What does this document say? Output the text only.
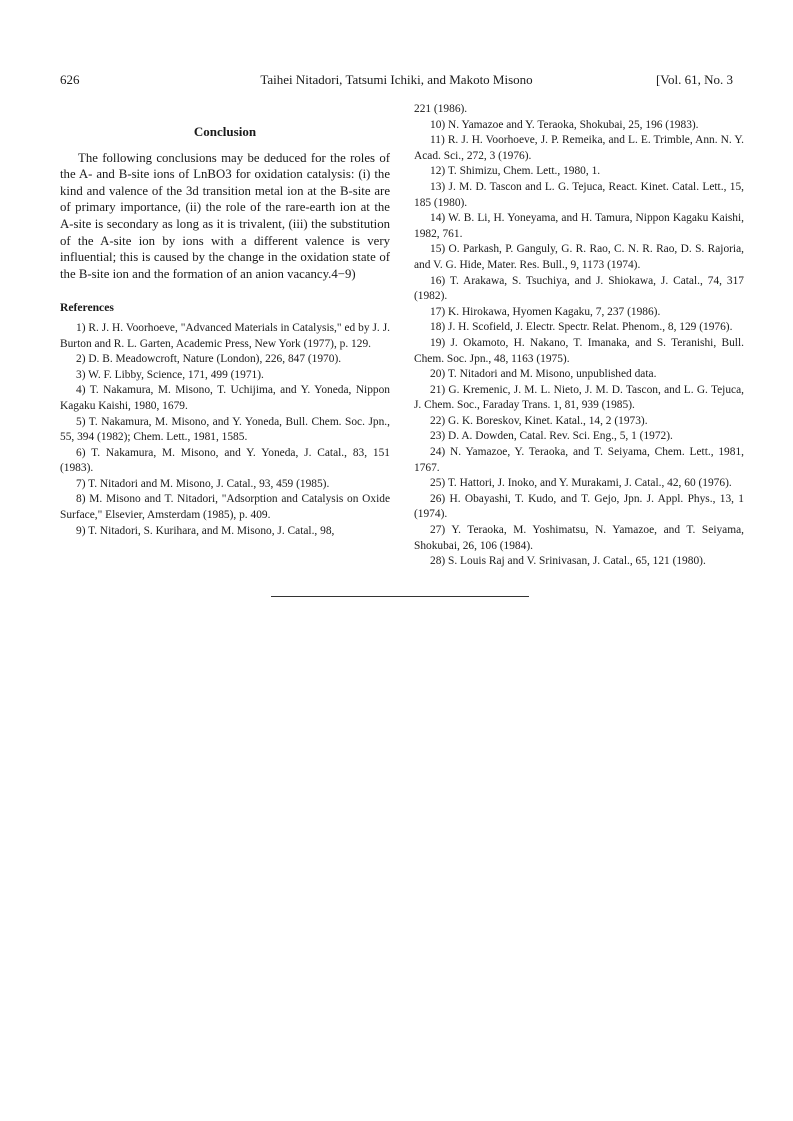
626	Taihei Nitadori, Tatsumi Ichiki, and Makoto Misono	[Vol. 61, No. 3
Conclusion

The following conclusions may be deduced for the roles of the A- and B-site ions of LnBO3 for oxidation catalysis: (i) the kind and valence of the 3d transition metal ion at the B-site are of primary importance, (ii) the role of the rare-earth ion at the A-site is secondary as long as it is trivalent, (iii) the substitution of the A-site ion by ions with a different valence is very influential; this is caused by the change in the oxidation state of the B-site ion and the formation of an anion vacancy.4−9)

References

1) R. J. H. Voorhoeve, "Advanced Materials in Catalysis," ed by J. J. Burton and R. L. Garten, Academic Press, New York (1977), p. 129.

2) D. B. Meadowcroft, Nature (London), 226, 847 (1970).

3) W. F. Libby, Science, 171, 499 (1971).

4) T. Nakamura, M. Misono, T. Uchijima, and Y. Yoneda, Nippon Kagaku Kaishi, 1980, 1679.

5) T. Nakamura, M. Misono, and Y. Yoneda, Bull. Chem. Soc. Jpn., 55, 394 (1982); Chem. Lett., 1981, 1585.

6) T. Nakamura, M. Misono, and Y. Yoneda, J. Catal., 83, 151 (1983).

7) T. Nitadori and M. Misono, J. Catal., 93, 459 (1985).

8) M. Misono and T. Nitadori, "Adsorption and Catalysis on Oxide Surface," Elsevier, Amsterdam (1985), p. 409.

9) T. Nitadori, S. Kurihara, and M. Misono, J. Catal., 98,

221 (1986).

10) N. Yamazoe and Y. Teraoka, Shokubai, 25, 196 (1983).

11) R. J. H. Voorhoeve, J. P. Remeika, and L. E. Trimble, Ann. N. Y. Acad. Sci., 272, 3 (1976).

12) T. Shimizu, Chem. Lett., 1980, 1.

13) J. M. D. Tascon and L. G. Tejuca, React. Kinet. Catal. Lett., 15, 185 (1980).

14) W. B. Li, H. Yoneyama, and H. Tamura, Nippon Kagaku Kaishi, 1982, 761.

15) O. Parkash, P. Ganguly, G. R. Rao, C. N. R. Rao, D. S. Rajoria, and V. G. Hide, Mater. Res. Bull., 9, 1173 (1974).

16) T. Arakawa, S. Tsuchiya, and J. Shiokawa, J. Catal., 74, 317 (1982).

17) K. Hirokawa, Hyomen Kagaku, 7, 237 (1986).

18) J. H. Scofield, J. Electr. Spectr. Relat. Phenom., 8, 129 (1976).

19) J. Okamoto, H. Nakano, T. Imanaka, and S. Teranishi, Bull. Chem. Soc. Jpn., 48, 1163 (1975).

20) T. Nitadori and M. Misono, unpublished data.

21) G. Kremenic, J. M. L. Nieto, J. M. D. Tascon, and L. G. Tejuca, J. Chem. Soc., Faraday Trans. 1, 81, 939 (1985).

22) G. K. Boreskov, Kinet. Katal., 14, 2 (1973).

23) D. A. Dowden, Catal. Rev. Sci. Eng., 5, 1 (1972).

24) N. Yamazoe, Y. Teraoka, and T. Seiyama, Chem. Lett., 1981, 1767.

25) T. Hattori, J. Inoko, and Y. Murakami, J. Catal., 42, 60 (1976).

26) H. Obayashi, T. Kudo, and T. Gejo, Jpn. J. Appl. Phys., 13, 1 (1974).

27) Y. Teraoka, M. Yoshimatsu, N. Yamazoe, and T. Seiyama, Shokubai, 26, 106 (1984).

28) S. Louis Raj and V. Srinivasan, J. Catal., 65, 121 (1980).
